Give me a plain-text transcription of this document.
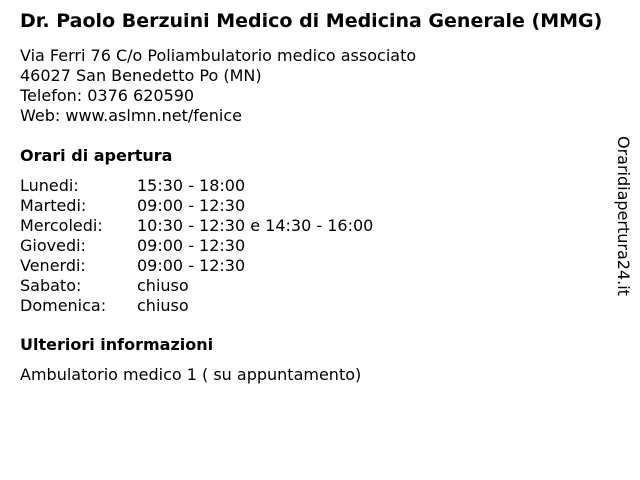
Dr. Paolo Berzuini Medico di Medicina Generale (MMG)
Via Ferri 76 C/o Poliambulatorio medico associato
46027 San Benedetto Po (MN)
Telefon: 0376 620590
Web: www.aslmn.net/fenice
Orari di apertura
Lunedi:	15:30 - 18:00
Martedi:	09:00 - 12:30
Mercoledi:	10:30 - 12:30 e 14:30 - 16:00
Giovedi:	09:00 - 12:30
Venerdi:	09:00 - 12:30
Sabato:	chiuso
Domenica:	chiuso
Ulteriori informazioni
Ambulatorio medico 1 ( su appuntamento)
Oraridiapertura24.it
